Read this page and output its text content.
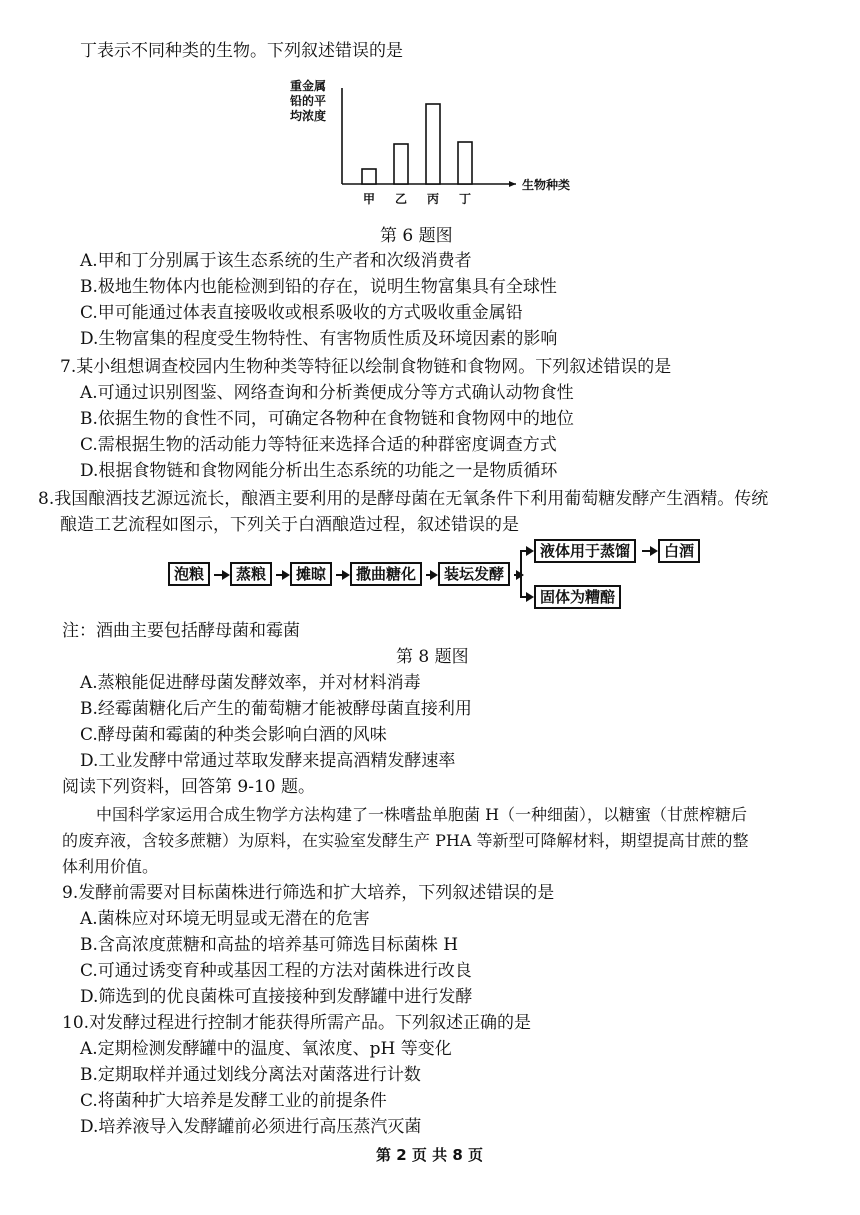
丁表示不同种类的生物。下列叙述错误的是
重金属
铅的平
均浓度
甲 乙 丙 丁
生物种类
第 6 题图
A.甲和丁分别属于该生态系统的生产者和次级消费者
B.极地生物体内也能检测到铅的存在，说明生物富集具有全球性
C.甲可能通过体表直接吸收或根系吸收的方式吸收重金属铅
D.生物富集的程度受生物特性、有害物质性质及环境因素的影响
7.某小组想调查校园内生物种类等特征以绘制食物链和食物网。下列叙述错误的是
A.可通过识别图鉴、网络查询和分析粪便成分等方式确认动物食性
B.依据生物的食性不同，可确定各物种在食物链和食物网中的地位
C.需根据生物的活动能力等特征来选择合适的种群密度调查方式
D.根据食物链和食物网能分析出生态系统的功能之一是物质循环
8.我国酿酒技艺源远流长，酿酒主要利用的是酵母菌在无氧条件下利用葡萄糖发酵产生酒精。传统
酿造工艺流程如图示，下列关于白酒酿造过程，叙述错误的是
泡粮	蒸粮	摊晾	撒曲糖化	装坛发酵
液体用于蒸馏	白酒
固体为糟醅
注：酒曲主要包括酵母菌和霉菌
第 8 题图
A.蒸粮能促进酵母菌发酵效率，并对材料消毒
B.经霉菌糖化后产生的葡萄糖才能被酵母菌直接利用
C.酵母菌和霉菌的种类会影响白酒的风味
D.工业发酵中常通过萃取发酵来提高酒精发酵速率
阅读下列资料，回答第 9-10 题。
中国科学家运用合成生物学方法构建了一株嗜盐单胞菌 H（一种细菌），以糖蜜（甘蔗榨糖后
的废弃液，含较多蔗糖）为原料，在实验室发酵生产 PHA 等新型可降解材料，期望提高甘蔗的整
体利用价值。
9.发酵前需要对目标菌株进行筛选和扩大培养，下列叙述错误的是
A.菌株应对环境无明显或无潜在的危害
B.含高浓度蔗糖和高盐的培养基可筛选目标菌株 H
C.可通过诱变育种或基因工程的方法对菌株进行改良
D.筛选到的优良菌株可直接接种到发酵罐中进行发酵
10.对发酵过程进行控制才能获得所需产品。下列叙述正确的是
A.定期检测发酵罐中的温度、氧浓度、pH 等变化
B.定期取样并通过划线分离法对菌落进行计数
C.将菌种扩大培养是发酵工业的前提条件
D.培养液导入发酵罐前必须进行高压蒸汽灭菌
第 2 页 共 8 页
